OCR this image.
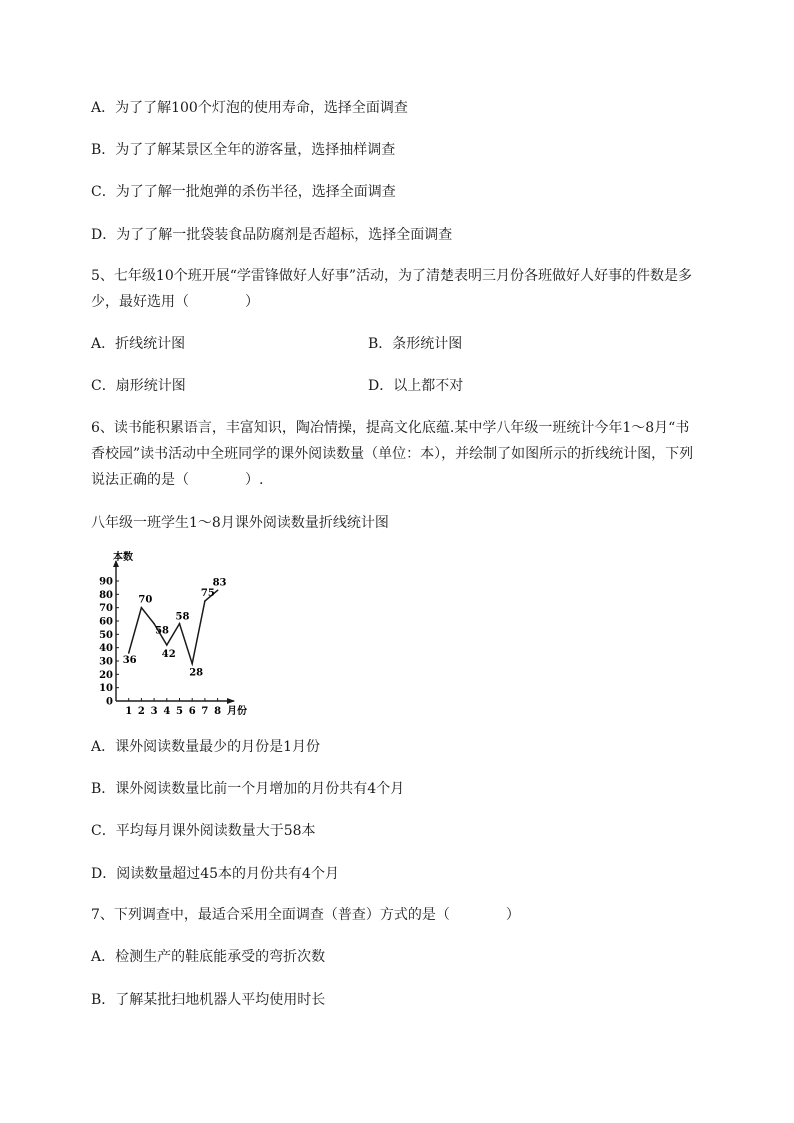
A．为了了解100个灯泡的使用寿命，选择全面调查
B．为了了解某景区全年的游客量，选择抽样调查
C．为了了解一批炮弹的杀伤半径，选择全面调查
D．为了了解一批袋装食品防腐剂是否超标，选择全面调查
5、七年级10个班开展“学雷锋做好人好事”活动，为了清楚表明三月份各班做好人好事的件数是多
少，最好选用（	）
A．折线统计图	B．条形统计图
C．扇形统计图	D．以上都不对
6、读书能积累语言，丰富知识，陶冶情操，提高文化底蕴.某中学八年级一班统计今年1～8月“书
香校园”读书活动中全班同学的课外阅读数量（单位：本），并绘制了如图所示的折线统计图，下列
说法正确的是（	）.
八年级一班学生1～8月课外阅读数量折线统计图
本数
月份
0
10
20
30
40
50
60
70
80
90
1 2 3 4 5 6 7 8
36
70
58
42
58
28
75
83
A．课外阅读数量最少的月份是1月份
B．课外阅读数量比前一个月增加的月份共有4个月
C．平均每月课外阅读数量大于58本
D．阅读数量超过45本的月份共有4个月
7、下列调查中，最适合采用全面调查（普查）方式的是（	）
A．检测生产的鞋底能承受的弯折次数
B．了解某批扫地机器人平均使用时长
